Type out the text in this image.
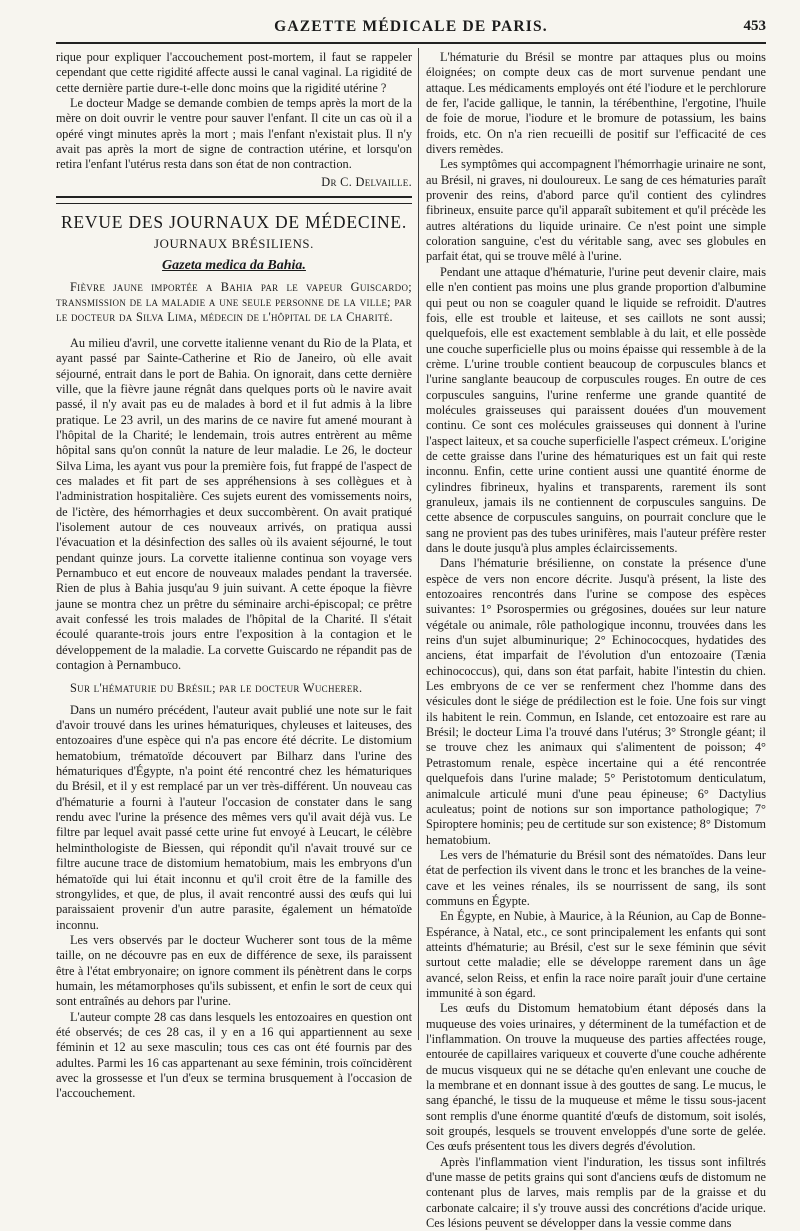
GAZETTE MÉDICALE DE PARIS.	453

rique pour expliquer l'accouchement post-mortem, il faut se rappeler cependant que cette rigidité affecte aussi le canal vaginal. La rigidité de cette dernière partie dure-t-elle donc moins que la rigidité utérine ?

Le docteur Madge se demande combien de temps après la mort de la mère on doit ouvrir le ventre pour sauver l'enfant. Il cite un cas où il a opéré vingt minutes après la mort ; mais l'enfant n'existait plus. Il n'y avait pas après la mort de signe de contraction utérine, et lorsqu'on retira l'enfant l'utérus resta dans son état de non contraction.

Dr C. Delvaille.

REVUE DES JOURNAUX DE MÉDECINE.
JOURNAUX BRÉSILIENS.
Gazeta medica da Bahia.

Fièvre jaune importée a Bahia par le vapeur Guiscardo; transmission de la maladie a une seule personne de la ville; par le docteur da Silva Lima, médecin de l'hôpital de la Charité.

Au milieu d'avril, une corvette italienne venant du Rio de la Plata, et ayant passé par Sainte-Catherine et Rio de Janeiro, où elle avait séjourné, entrait dans le port de Bahia. On ignorait, dans cette dernière ville, que la fièvre jaune régnât dans quelques ports où le navire avait passé, il n'y avait pas eu de malades à bord et il fut admis à la libre pratique. Le 23 avril, un des marins de ce navire fut amené mourant à l'hôpital de la Charité; le lendemain, trois autres entrèrent au même hôpital sans qu'on connût la nature de leur maladie. Le 26, le docteur Silva Lima, les ayant vus pour la première fois, fut frappé de l'aspect de ces malades et fit part de ses appréhensions à ses collègues et à l'administration hospitalière. Ces sujets eurent des vomissements noirs, de l'ictère, des hémorrhagies et deux succombèrent. On avait pratiqué l'isolement autour de ces nouveaux arrivés, on pratiqua aussi l'évacuation et la désinfection des salles où ils avaient séjourné, le tout pendant quinze jours. La corvette italienne continua son voyage vers Pernambuco et eut encore de nouveaux malades pendant la traversée. Rien de plus à Bahia jusqu'au 9 juin suivant. A cette époque la fièvre jaune se montra chez un prêtre du séminaire archi-épiscopal; ce prêtre avait confessé les trois malades de l'hôpital de la Charité. Il s'était écoulé quarante-trois jours entre l'exposition à la contagion et le développement de la maladie. La corvette Guiscardo ne répandit pas de contagion à Pernambuco.

Sur l'hématurie du Brésil; par le docteur Wucherer.

Dans un numéro précédent, l'auteur avait publié une note sur le fait d'avoir trouvé dans les urines hématuriques, chyleuses et laiteuses, des entozoaires d'une espèce qui n'a pas encore été décrite. Le distomium hematobium, trématoïde découvert par Bilharz dans l'urine des hématuriques d'Égypte, n'a point été rencontré chez les hématuriques du Brésil, et il y est remplacé par un ver très-différent. Un nouveau cas d'hématurie a fourni à l'auteur l'occasion de constater dans le sang rendu avec l'urine la présence des mêmes vers qu'il avait déjà vus. Le filtre par lequel avait passé cette urine fut envoyé à Leucart, le célèbre helminthologiste de Biessen, qui répondit qu'il n'avait trouvé sur ce filtre aucune trace de distomium hematobium, mais les embryons d'un hématoïde qui lui était inconnu et qu'il croit être de la famille des strongylides, et que, de plus, il avait rencontré aussi des œufs qui lui paraissaient provenir d'un autre parasite, également un hématoïde inconnu.

Les vers observés par le docteur Wucherer sont tous de la même taille, on ne découvre pas en eux de différence de sexe, ils paraissent être à l'état embryonaire; on ignore comment ils pénètrent dans le corps humain, les métamorphoses qu'ils subissent, et enfin le sort de ceux qui sont entraînés au dehors par l'urine.

L'auteur compte 28 cas dans lesquels les entozoaires en question ont été observés; de ces 28 cas, il y en a 16 qui appartiennent au sexe féminin et 12 au sexe masculin; tous ces cas ont été fournis par des adultes. Parmi les 16 cas appartenant au sexe féminin, trois coïncidèrent avec la grossesse et l'un d'eux se termina brusquement à l'occasion de l'accouchement.

L'hématurie du Brésil se montre par attaques plus ou moins éloignées; on compte deux cas de mort survenue pendant une attaque. Les médicaments employés ont été l'iodure et le perchlorure de fer, l'acide gallique, le tannin, la térébenthine, l'ergotine, l'huile de foie de morue, l'iodure et le bromure de potassium, les bains froids, etc. On n'a rien recueilli de positif sur l'efficacité de ces divers remèdes.

Les symptômes qui accompagnent l'hémorrhagie urinaire ne sont, au Brésil, ni graves, ni douloureux. Le sang de ces hématuries paraît provenir des reins, d'abord parce qu'il contient des cylindres fibrineux, ensuite parce qu'il apparaît subitement et qu'il précède les autres altérations du liquide urinaire. Ce n'est point une simple coloration sanguine, c'est du véritable sang, avec ses globules en parfait état, qui se trouve mêlé à l'urine.

Pendant une attaque d'hématurie, l'urine peut devenir claire, mais elle n'en contient pas moins une plus grande proportion d'albumine qui peut ou non se coaguler quand le liquide se refroidit. D'autres fois, elle est trouble et laiteuse, et ses caillots ne sont aussi; quelquefois, elle est exactement semblable à du lait, et elle possède une couche superficielle plus ou moins épaisse qui ressemble à de la crème. L'urine trouble contient beaucoup de corpuscules blancs et l'urine sanglante beaucoup de corpuscules rouges. En outre de ces corpuscules sanguins, l'urine renferme une grande quantité de molécules graisseuses qui paraissent douées d'un mouvement continu. Ce sont ces molécules graisseuses qui donnent à l'urine l'aspect laiteux, et sa couche superficielle l'aspect crémeux. L'origine de cette graisse dans l'urine des hématuriques est un fait qui reste inconnu. Enfin, cette urine contient aussi une quantité énorme de cylindres fibrineux, hyalins et transparents, rarement ils sont granuleux, jamais ils ne contiennent de corpuscules sanguins. De cette absence de corpuscules sanguins, on pourrait conclure que le sang ne provient pas des tubes urinifères, mais l'auteur préfère rester dans le doute jusqu'à plus amples éclaircissements.

Dans l'hématurie brésilienne, on constate la présence d'une espèce de vers non encore décrite. Jusqu'à présent, la liste des entozoaires rencontrés dans l'urine se compose des espèces suivantes: 1° Psorospermies ou grégosines, douées sur leur nature végétale ou animale, rôle pathologique inconnu, trouvées dans les reins d'un sujet albuminurique; 2° Echinococques, hydatides des anciens, état imparfait de l'évolution d'un entozoaire (Tænia echinococcus), qui, dans son état parfait, habite l'intestin du chien. Les embryons de ce ver se renferment chez l'homme dans des vésicules dont le siége de prédilection est le foie. Une fois sur vingt ils habitent le rein. Commun, en Islande, cet entozoaire est rare au Brésil; le docteur Lima l'a trouvé dans l'utérus; 3° Strongle géant; il se trouve chez les animaux qui s'alimentent de poisson; 4° Petrastomum renale, espèce incertaine qui a été rencontrée quelquefois dans l'urine malade; 5° Peristotomum denticulatum, animalcule articulé muni d'une peau épineuse; 6° Dactylius aculeatus; point de notions sur son importance pathologique; 7° Spiroptere hominis; peu de certitude sur son existence; 8° Distomum hematobium.

Les vers de l'hématurie du Brésil sont des nématoïdes. Dans leur état de perfection ils vivent dans le tronc et les branches de la veine-cave et les veines rénales, ils se nourrissent de sang, ils sont communs en Égypte.

En Égypte, en Nubie, à Maurice, à la Réunion, au Cap de Bonne-Espérance, à Natal, etc., ce sont principalement les enfants qui sont atteints d'hématurie; au Brésil, c'est sur le sexe féminin que sévit surtout cette maladie; elle se développe rarement dans un âge avancé, selon Reiss, et enfin la race noire paraît jouir d'une certaine immunité à son égard.

Les œufs du Distomum hematobium étant déposés dans la muqueuse des voies urinaires, y déterminent de la tuméfaction et de l'inflammation. On trouve la muqueuse des parties affectées rouge, entourée de capillaires variqueux et couverte d'une couche adhérente de mucus visqueux qui ne se détache qu'en enlevant une couche de la membrane et en donnant issue à des gouttes de sang. Le mucus, le sang épanché, le tissu de la muqueuse et même le tissu sous-jacent sont remplis d'une énorme quantité d'œufs de distomum, soit isolés, soit groupés, lesquels se trouvent enveloppés d'une sorte de gelée. Ces œufs présentent tous les divers degrés d'évolution.

Après l'inflammation vient l'induration, les tissus sont infiltrés d'une masse de petits grains qui sont d'anciens œufs de distomum ne contenant plus de larves, mais remplis par de la graisse et du carbonate calcaire; il s'y trouve aussi des concrétions d'acide urique. Ces lésions peuvent se développer dans la vessie comme dans
